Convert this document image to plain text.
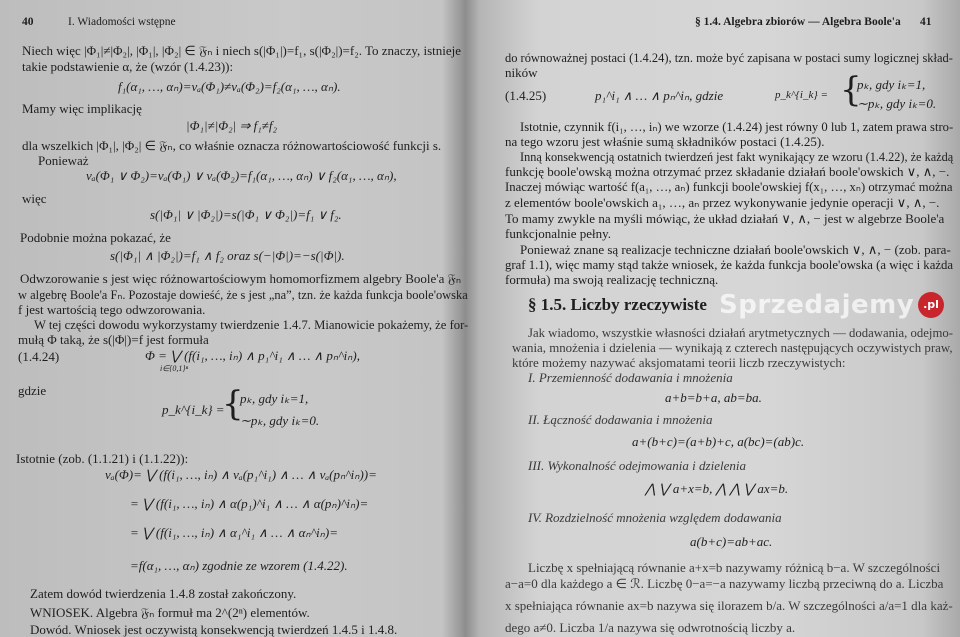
40	I. Wiadomości wstępne
Niech więc |Φ₁|≠|Φ₂|, |Φ₁|, |Φ₂| ∈ 𝔉ₙ i niech s(|Φ₁|)=f₁, s(|Φ₂|)=f₂. To znaczy, istnieje
takie podstawienie α, że (wzór (1.4.23)):
f₁(α₁, …, αₙ)=vₐ(Φ₁)≠vₐ(Φ₂)=f₂(α₁, …, αₙ).
Mamy więc implikację
|Φ₁|≠|Φ₂| ⇒ f₁≠f₂
dla wszelkich |Φ₁|, |Φ₂| ∈ 𝔉ₙ, co właśnie oznacza różnowartościowość funkcji s.
Ponieważ
vₐ(Φ₁ ∨ Φ₂)=vₐ(Φ₁) ∨ vₐ(Φ₂)=f₁(α₁, …, αₙ) ∨ f₂(α₁, …, αₙ),
więc
s(|Φ₁| ∨ |Φ₂|)=s(|Φ₁ ∨ Φ₂|)=f₁ ∨ f₂.
Podobnie można pokazać, że
s(|Φ₁| ∧ |Φ₂|)=f₁ ∧ f₂ oraz s(−|Φ|)=−s(|Φ|).
Odwzorowanie s jest więc różnowartościowym homomorfizmem algebry Boole'a 𝔉ₙ
w algebrę Boole'a Fₙ. Pozostaje dowieść, że s jest „na”, tzn. że każda funkcja boole'owska
f jest wartością tego odwzorowania.
W tej części dowodu wykorzystamy twierdzenie 1.4.7. Mianowicie pokażemy, że for-
mułą Φ taką, że s(|Φ|)=f jest formuła
(1.4.24)	Φ = ⋁ (f(i₁, …, iₙ) ∧ p₁^i₁ ∧ … ∧ pₙ^iₙ),
i∈{0,1}ⁿ
gdzie
p_k^{i_k} =
{
pₖ, gdy iₖ=1,
∼pₖ, gdy iₖ=0.
Istotnie (zob. (1.1.21) i (1.1.22)):
vₐ(Φ)= ⋁ (f(i₁, …, iₙ) ∧ vₐ(p₁^i₁) ∧ … ∧ vₐ(pₙ^iₙ))=
= ⋁ (f(i₁, …, iₙ) ∧ α(p₁)^i₁ ∧ … ∧ α(pₙ)^iₙ)=
= ⋁ (f(i₁, …, iₙ) ∧ α₁^i₁ ∧ … ∧ αₙ^iₙ)=
=f(α₁, …, αₙ) zgodnie ze wzorem (1.4.22).
Zatem dowód twierdzenia 1.4.8 został zakończony.
WNIOSEK. Algebra 𝔉ₙ formuł ma 2^(2ⁿ) elementów.
Dowód. Wniosek jest oczywistą konsekwencją twierdzeń 1.4.5 i 1.4.8.
§ 1.4. Algebra zbiorów — Algebra Boole'a 41
do równoważnej postaci (1.4.24), tzn. może być zapisana w postaci sumy logicznej skład-
ników
(1.4.25)	p₁^i₁ ∧ … ∧ pₙ^iₙ, gdzie	p_k^{i_k} = {
pₖ, gdy iₖ=1,
∼pₖ, gdy iₖ=0.
Istotnie, czynnik f(i₁, …, iₙ) we wzorze (1.4.24) jest równy 0 lub 1, zatem prawa stro-
na tego wzoru jest właśnie sumą składników postaci (1.4.25).
Inną konsekwencją ostatnich twierdzeń jest fakt wynikający ze wzoru (1.4.22), że każdą
funkcję boole'owską można otrzymać przez składanie działań boole'owskich ∨, ∧, −.
Inaczej mówiąc wartość f(a₁, …, aₙ) funkcji boole'owskiej f(x₁, …, xₙ) otrzymać można
z elementów boole'owskich a₁, …, aₙ przez wykonywanie jedynie operacji ∨, ∧, −.
To mamy zwykle na myśli mówiąc, że układ działań ∨, ∧, − jest w algebrze Boole'a
funkcjonalnie pełny.
Ponieważ znane są realizacje techniczne działań boole'owskich ∨, ∧, − (zob. para-
graf 1.1), więc mamy stąd także wniosek, że każda funkcja boole'owska (a więc i każda
formuła) ma swoją realizację techniczną.
§ 1.5. Liczby rzeczywiste
Jak wiadomo, wszystkie własności działań arytmetycznych — dodawania, odejmo-
wania, mnożenia i dzielenia — wynikają z czterech następujących oczywistych praw,
które możemy nazywać aksjomatami teorii liczb rzeczywistych:
I. Przemienność dodawania i mnożenia
a+b=b+a, ab=ba.
II. Łączność dodawania i mnożenia
a+(b+c)=(a+b)+c, a(bc)=(ab)c.
III. Wykonalność odejmowania i dzielenia
⋀ ⋁ a+x=b, ⋀ ⋀ ⋁ ax=b.
IV. Rozdzielność mnożenia względem dodawania
a(b+c)=ab+ac.
Liczbę x spełniającą równanie a+x=b nazywamy różnicą b−a. W szczególności
a−a=0 dla każdego a ∈ ℛ. Liczbę 0−a=−a nazywamy liczbą przeciwną do a. Liczba
x spełniająca równanie ax=b nazywa się ilorazem b/a. W szczególności a/a=1 dla każ-
dego a≠0. Liczba 1/a nazywa się odwrotnością liczby a.
Sprzedajemy .pl
